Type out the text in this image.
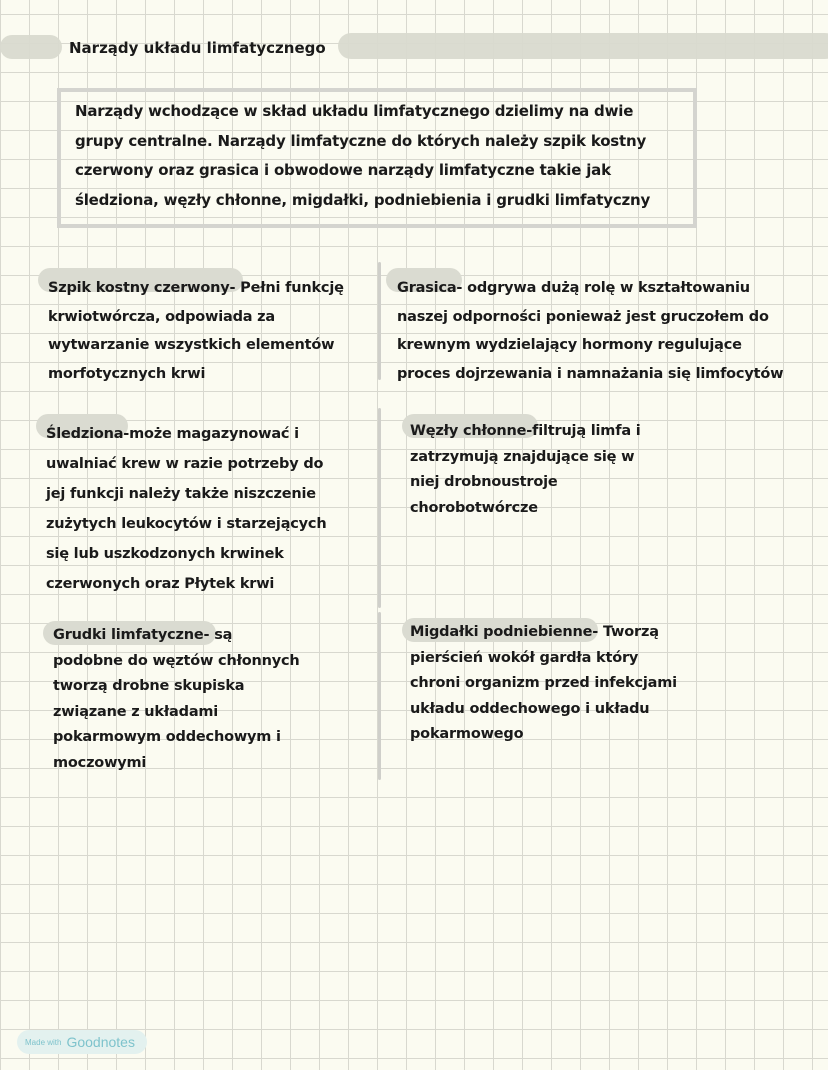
Narządy układu limfatycznego
Narządy wchodzące w skład układu limfatycznego dzielimy na dwie
grupy centralne. Narządy limfatyczne do których należy szpik kostny
czerwony oraz grasica i obwodowe narządy limfatyczne takie jak
śledziona, węzły chłonne, migdałki, podniebienia i grudki limfatyczny
Szpik kostny czerwony- Pełni funkcję
krwiotwórcza, odpowiada za
wytwarzanie wszystkich elementów
morfotycznych krwi
Grasica- odgrywa dużą rolę w kształtowaniu
naszej odporności ponieważ jest gruczołem do
krewnym wydzielający hormony regulujące
proces dojrzewania i namnażania się limfocytów
Śledziona-może magazynować i
uwalniać krew w razie potrzeby do
jej funkcji należy także niszczenie
zużytych leukocytów i starzejących
się lub uszkodzonych krwinek
czerwonych oraz Płytek krwi
Węzły chłonne-filtrują limfa i
zatrzymują znajdujące się w
niej drobnoustroje
chorobotwórcze
Grudki limfatyczne- są
podobne do węztów chłonnych
tworzą drobne skupiska
związane z układami
pokarmowym oddechowym i
moczowymi
Migdałki podniebienne- Tworzą
pierścień wokół gardła który
chroni organizm przed infekcjami
układu oddechowego i układu
pokarmowego
Made with Goodnotes
